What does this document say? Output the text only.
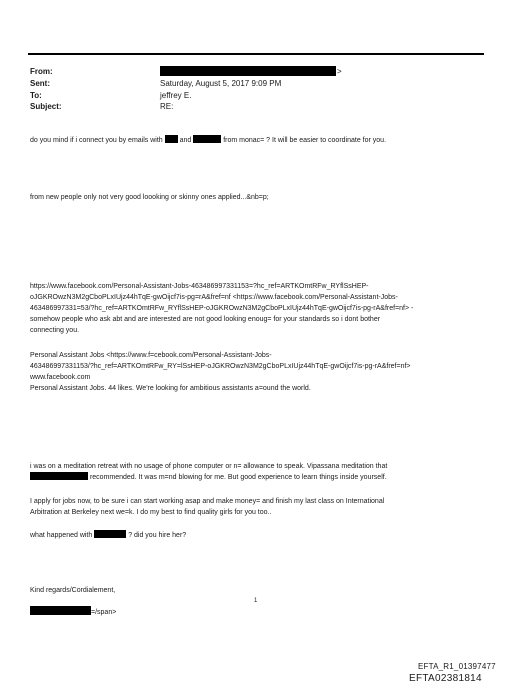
From:
Sent:
To:
Subject:
>
Saturday, August 5, 2017 9:09 PM
jeffrey E.
RE:
do you mind if i connect you by emails with and	from monac= ? It will be easier to coordinate for you.
from new people only not very good loooking or skinny ones applied...&nb=p;
https://www.facebook.com/Personal-Assistant-Jobs-463486997331153=?hc_ref=ARTKOmtRFw_RYflSsHEP-
oJGKROwzN3M2gCboPLxIUjz44hTqE-gwOijcf7is-pg=rA&fref=nf <https://www.facebook.com/Personal-Assistant-Jobs-
463486997331=53/?hc_ref=ARTKOmtRFw_RYflSsHEP-oJGKROwzN3M2gCboPLxIUjz44hTqE-gwOijcf7is-pg-rA&fref=nf> -
somehow people who ask abt and are interested are not good looking enoug= for your standards so i dont bother
connecting you.
Personal Assistant Jobs <https://www.f=cebook.com/Personal-Assistant-Jobs-
463486997331153/?hc_ref=ARTKOmtRFw_RY=lSsHEP-oJGKROwzN3M2gCboPLxIUjz44hTqE-gwOijcf7is-pg-rA&fref=nf>
www.facebook.com
Personal Assistant Jobs. 44 likes. We're looking for ambitious assistants a=ound the world.
i was on a meditation retreat with no usage of phone computer or n= allowance to speak. Vipassana meditation that
recommended. It was m=nd blowing for me. But good experience to learn things inside yourself.
I apply for jobs now, to be sure i can start working asap and make money= and finish my last class on International
Arbitration at Berkeley next we=k. I do my best to find quality girls for you too..
what happened with	? did you hire her?
Kind regards/Cordialement,
=/span>
1
EFTA_R1_01397477
EFTA02381814
